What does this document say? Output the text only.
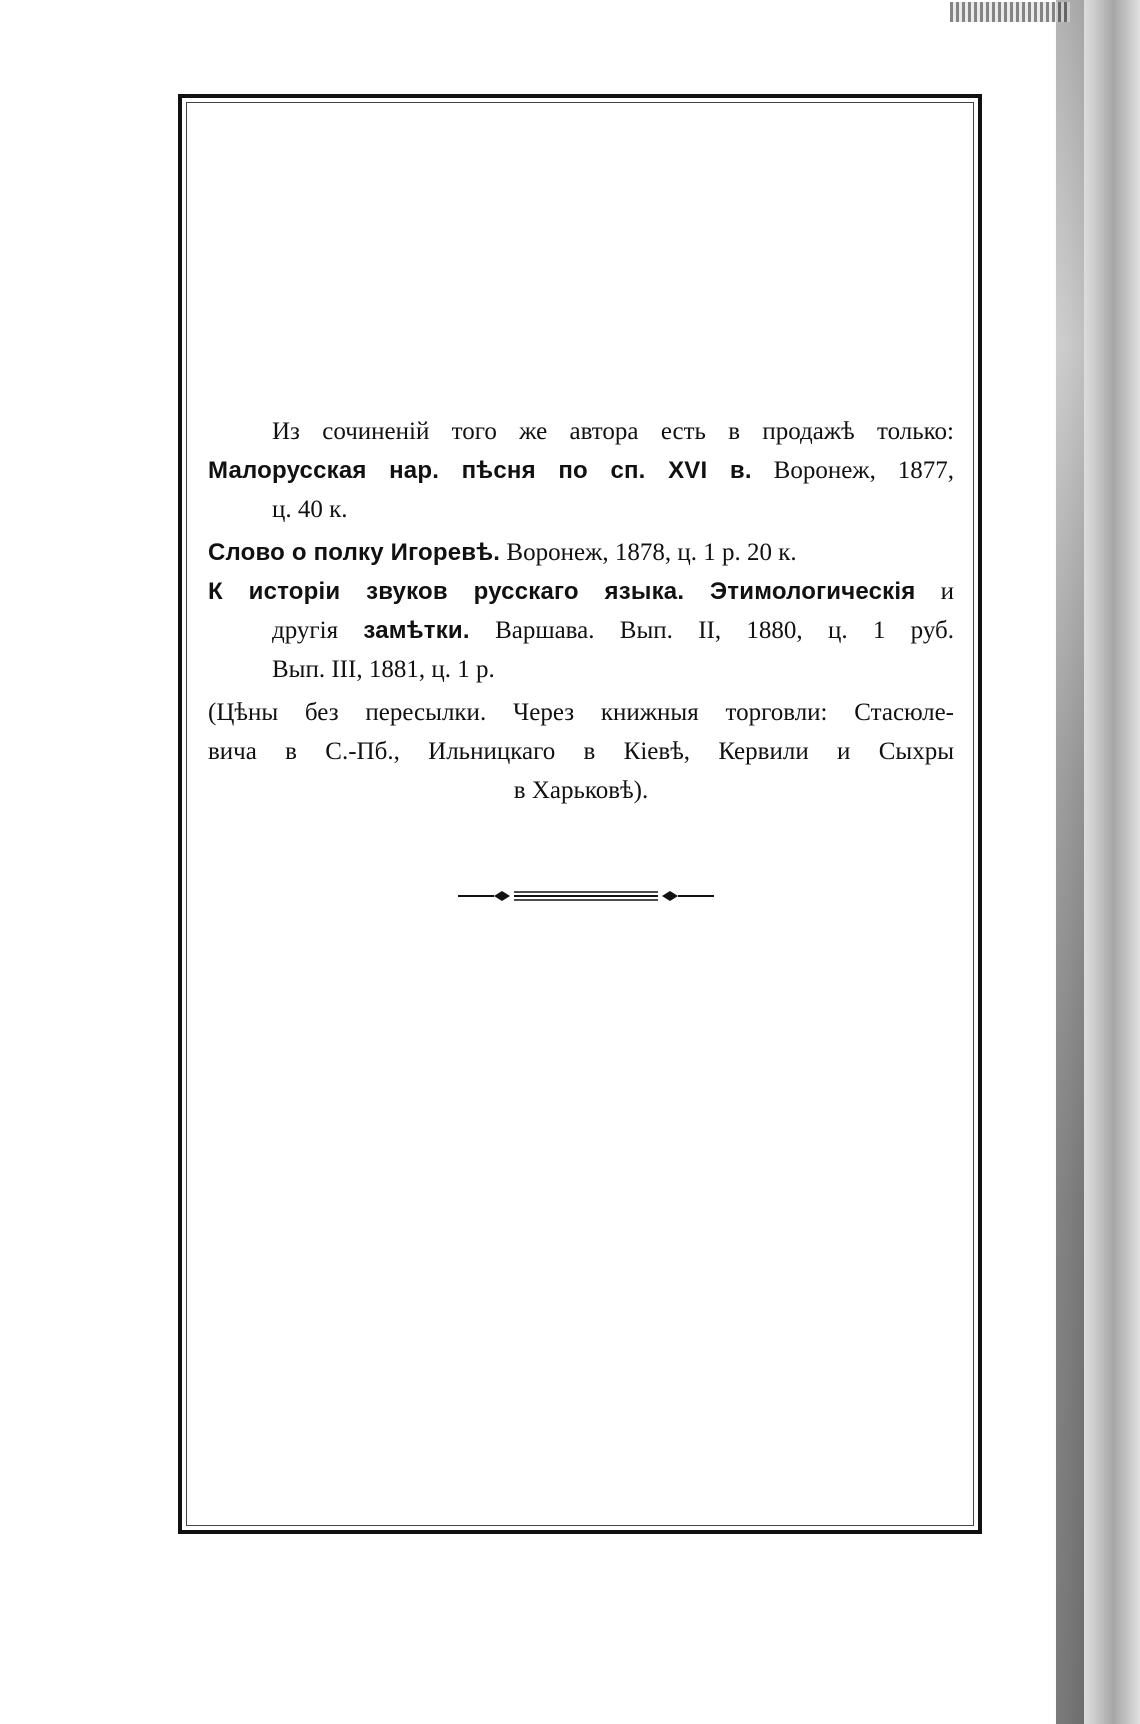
Из сочиненій того же автора есть в продажѣ только:
Малорусская нар. пѣсня по сп. XVI в. Воронеж, 1877,
ц. 40 к.
Слово о полку Игоревѣ. Воронеж, 1878, ц. 1 р. 20 к.
К исторіи звуков русскаго языка. Этимологическія и
другія замѣтки. Варшава. Вып. II, 1880, ц. 1 руб.
Вып. III, 1881, ц. 1 р.
(Цѣны без пересылки. Через книжныя торговли: Стасюле-
вича в С.-Пб., Ильницкаго в Кіевѣ, Кервили и Сыхры
в Харьковѣ).
